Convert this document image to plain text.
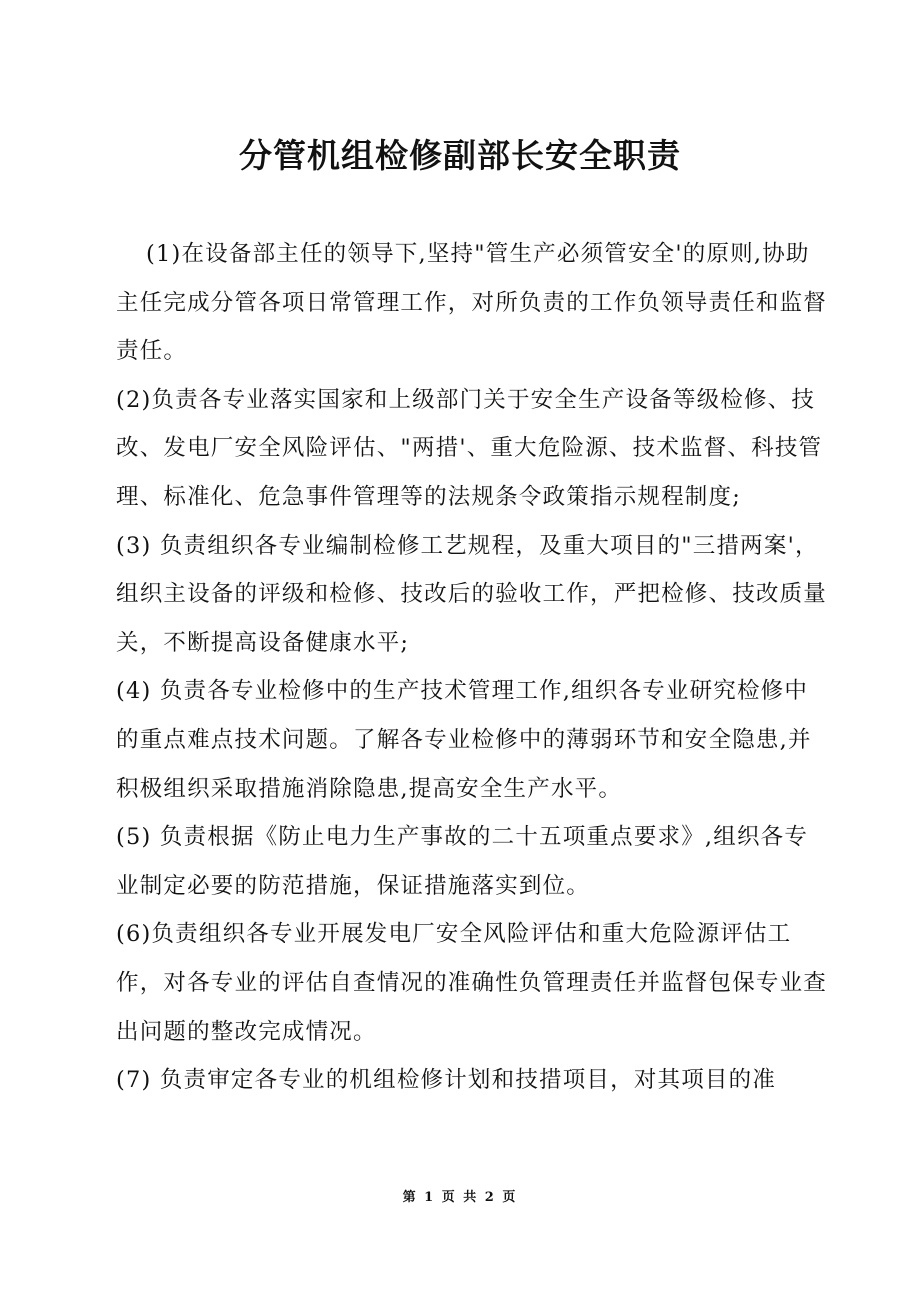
分管机组检修副部长安全职责

(1)在设备部主任的领导下,坚持"管生产必须管安全'的原则,协助主任完成分管各项日常管理工作，对所负责的工作负领导责任和监督责任。

(2)负责各专业落实国家和上级部门关于安全生产设备等级检修、技改、发电厂安全风险评估、"两措'、重大危险源、技术监督、科技管理、标准化、危急事件管理等的法规条令政策指示规程制度;

(3) 负责组织各专业编制检修工艺规程，及重大项目的"三措两案'， 组织主设备的评级和检修、技改后的验收工作，严把检修、技改质量关，不断提高设备健康水平;

(4) 负责各专业检修中的生产技术管理工作,组织各专业研究检修中的重点难点技术问题。了解各专业检修中的薄弱环节和安全隐患,并积极组织采取措施消除隐患,提高安全生产水平。

(5) 负责根据《防止电力生产事故的二十五项重点要求》,组织各专业制定必要的防范措施，保证措施落实到位。

(6)负责组织各专业开展发电厂安全风险评估和重大危险源评估工作，对各专业的评估自查情况的准确性负管理责任并监督包保专业查出问题的整改完成情况。

(7) 负责审定各专业的机组检修计划和技措项目，对其项目的准

第 1 页 共 2 页
